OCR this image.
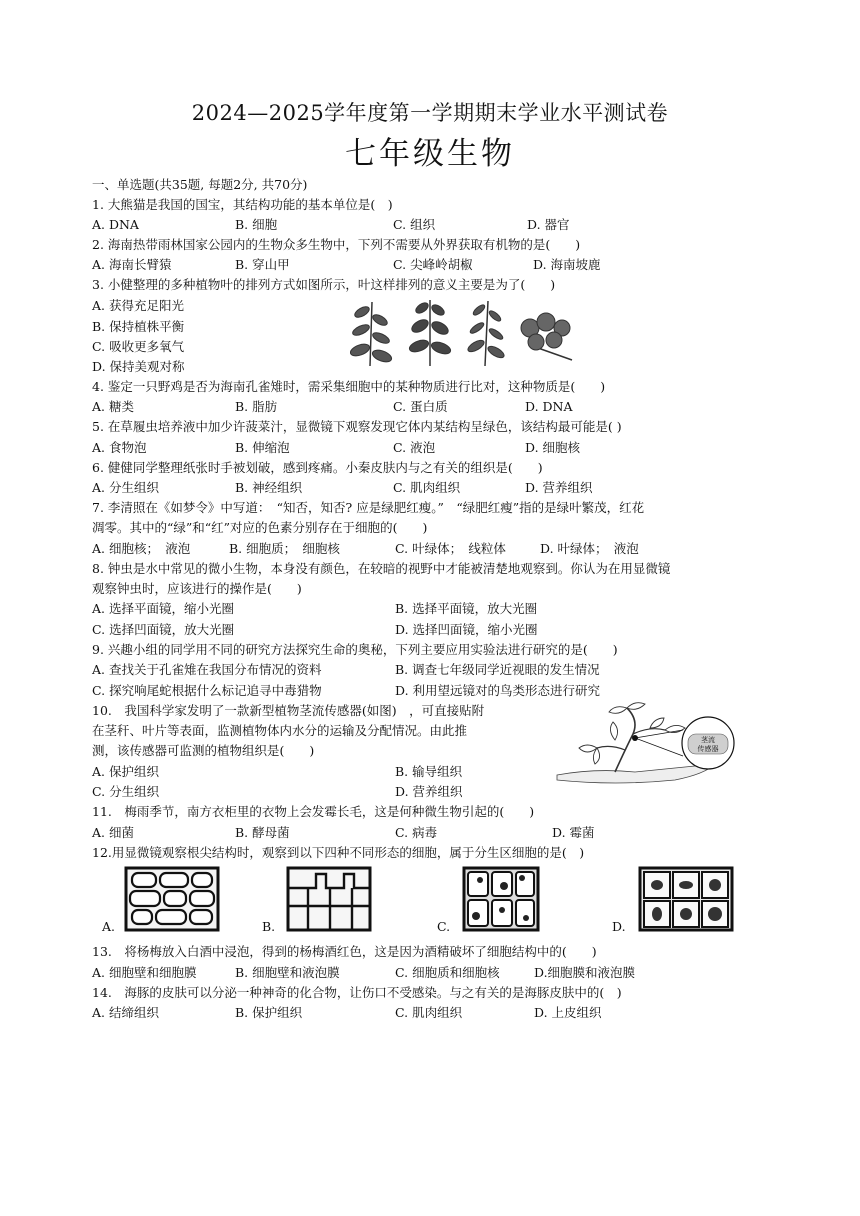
2024—2025学年度第一学期期末学业水平测试卷
七年级生物
一、单选题(共35题, 每题2分, 共70分)
1. 大熊猫是我国的国宝，其结构功能的基本单位是(　)
A. DNA	B. 细胞	C. 组织	D. 器官
2. 海南热带雨林国家公园内的生物众多生物中，下列不需要从外界获取有机物的是(　　)
A. 海南长臂猿	B. 穿山甲	C. 尖峰岭胡椒	D. 海南坡鹿
3. 小健整理的多种植物叶的排列方式如图所示，叶这样排列的意义主要是为了(　　)
A. 获得充足阳光
B. 保持植株平衡
C. 吸收更多氧气
D. 保持美观对称
4. 鉴定一只野鸡是否为海南孔雀雉时，需采集细胞中的某种物质进行比对，这种物质是(　　)
A. 糖类	B. 脂肪	C. 蛋白质	D. DNA
5. 在草履虫培养液中加少许菠菜汁，显微镜下观察发现它体内某结构呈绿色，该结构最可能是( )
A. 食物泡	B. 伸缩泡	C. 液泡	D. 细胞核
6. 健健同学整理纸张时手被划破，感到疼痛。小秦皮肤内与之有关的组织是(　　)
A. 分生组织	B. 神经组织	C. 肌肉组织	D. 营养组织
7. 李清照在《如梦令》中写道：　“知否，知否? 应是绿肥红瘦。”　“绿肥红瘦”指的是绿叶繁茂，红花
凋零。其中的“绿”和“红”对应的色素分别存在于细胞的(　　)
A. 细胞核；　液泡	B. 细胞质；　细胞核	C. 叶绿体；　线粒体	D. 叶绿体；　液泡
8. 钟虫是水中常见的微小生物，本身没有颜色，在较暗的视野中才能被清楚地观察到。你认为在用显微镜
观察钟虫时，应该进行的操作是(　　)
A. 选择平面镜，缩小光圈	B. 选择平面镜，放大光圈
C. 选择凹面镜，放大光圈	D. 选择凹面镜，缩小光圈
9. 兴趣小组的同学用不同的研究方法探究生命的奥秘，下列主要应用实验法进行研究的是(　　)
A. 查找关于孔雀雉在我国分布情况的资料	B. 调查七年级同学近视眼的发生情况
C. 探究响尾蛇根据什么标记追寻中毒猎物	D. 利用望远镜对的鸟类形态进行研究
10.　我国科学家发明了一款新型植物茎流传感器(如图)　，可直接贴附
在茎秆、叶片等表面，监测植物体内水分的运输及分配情况。由此推
测，该传感器可监测的植物组织是(　　)
A. 保护组织	B. 输导组织
C. 分生组织	D. 营养组织
茎流
传感器
11.　梅雨季节，南方衣柜里的衣物上会发霉长毛，这是何种微生物引起的(　　)
A. 细菌	B. 酵母菌	C. 病毒	D. 霉菌
12.用显微镜观察根尖结构时，观察到以下四种不同形态的细胞，属于分生区细胞的是(　)
A.	B.	C.	D.
13.　将杨梅放入白酒中浸泡，得到的杨梅酒红色，这是因为酒精破坏了细胞结构中的(　　)
A. 细胞壁和细胞膜	B. 细胞壁和液泡膜	C. 细胞质和细胞核	D.细胞膜和液泡膜
14.　海豚的皮肤可以分泌一种神奇的化合物，让伤口不受感染。与之有关的是海豚皮肤中的(　)
A. 结缔组织	B. 保护组织	C. 肌肉组织	D. 上皮组织
